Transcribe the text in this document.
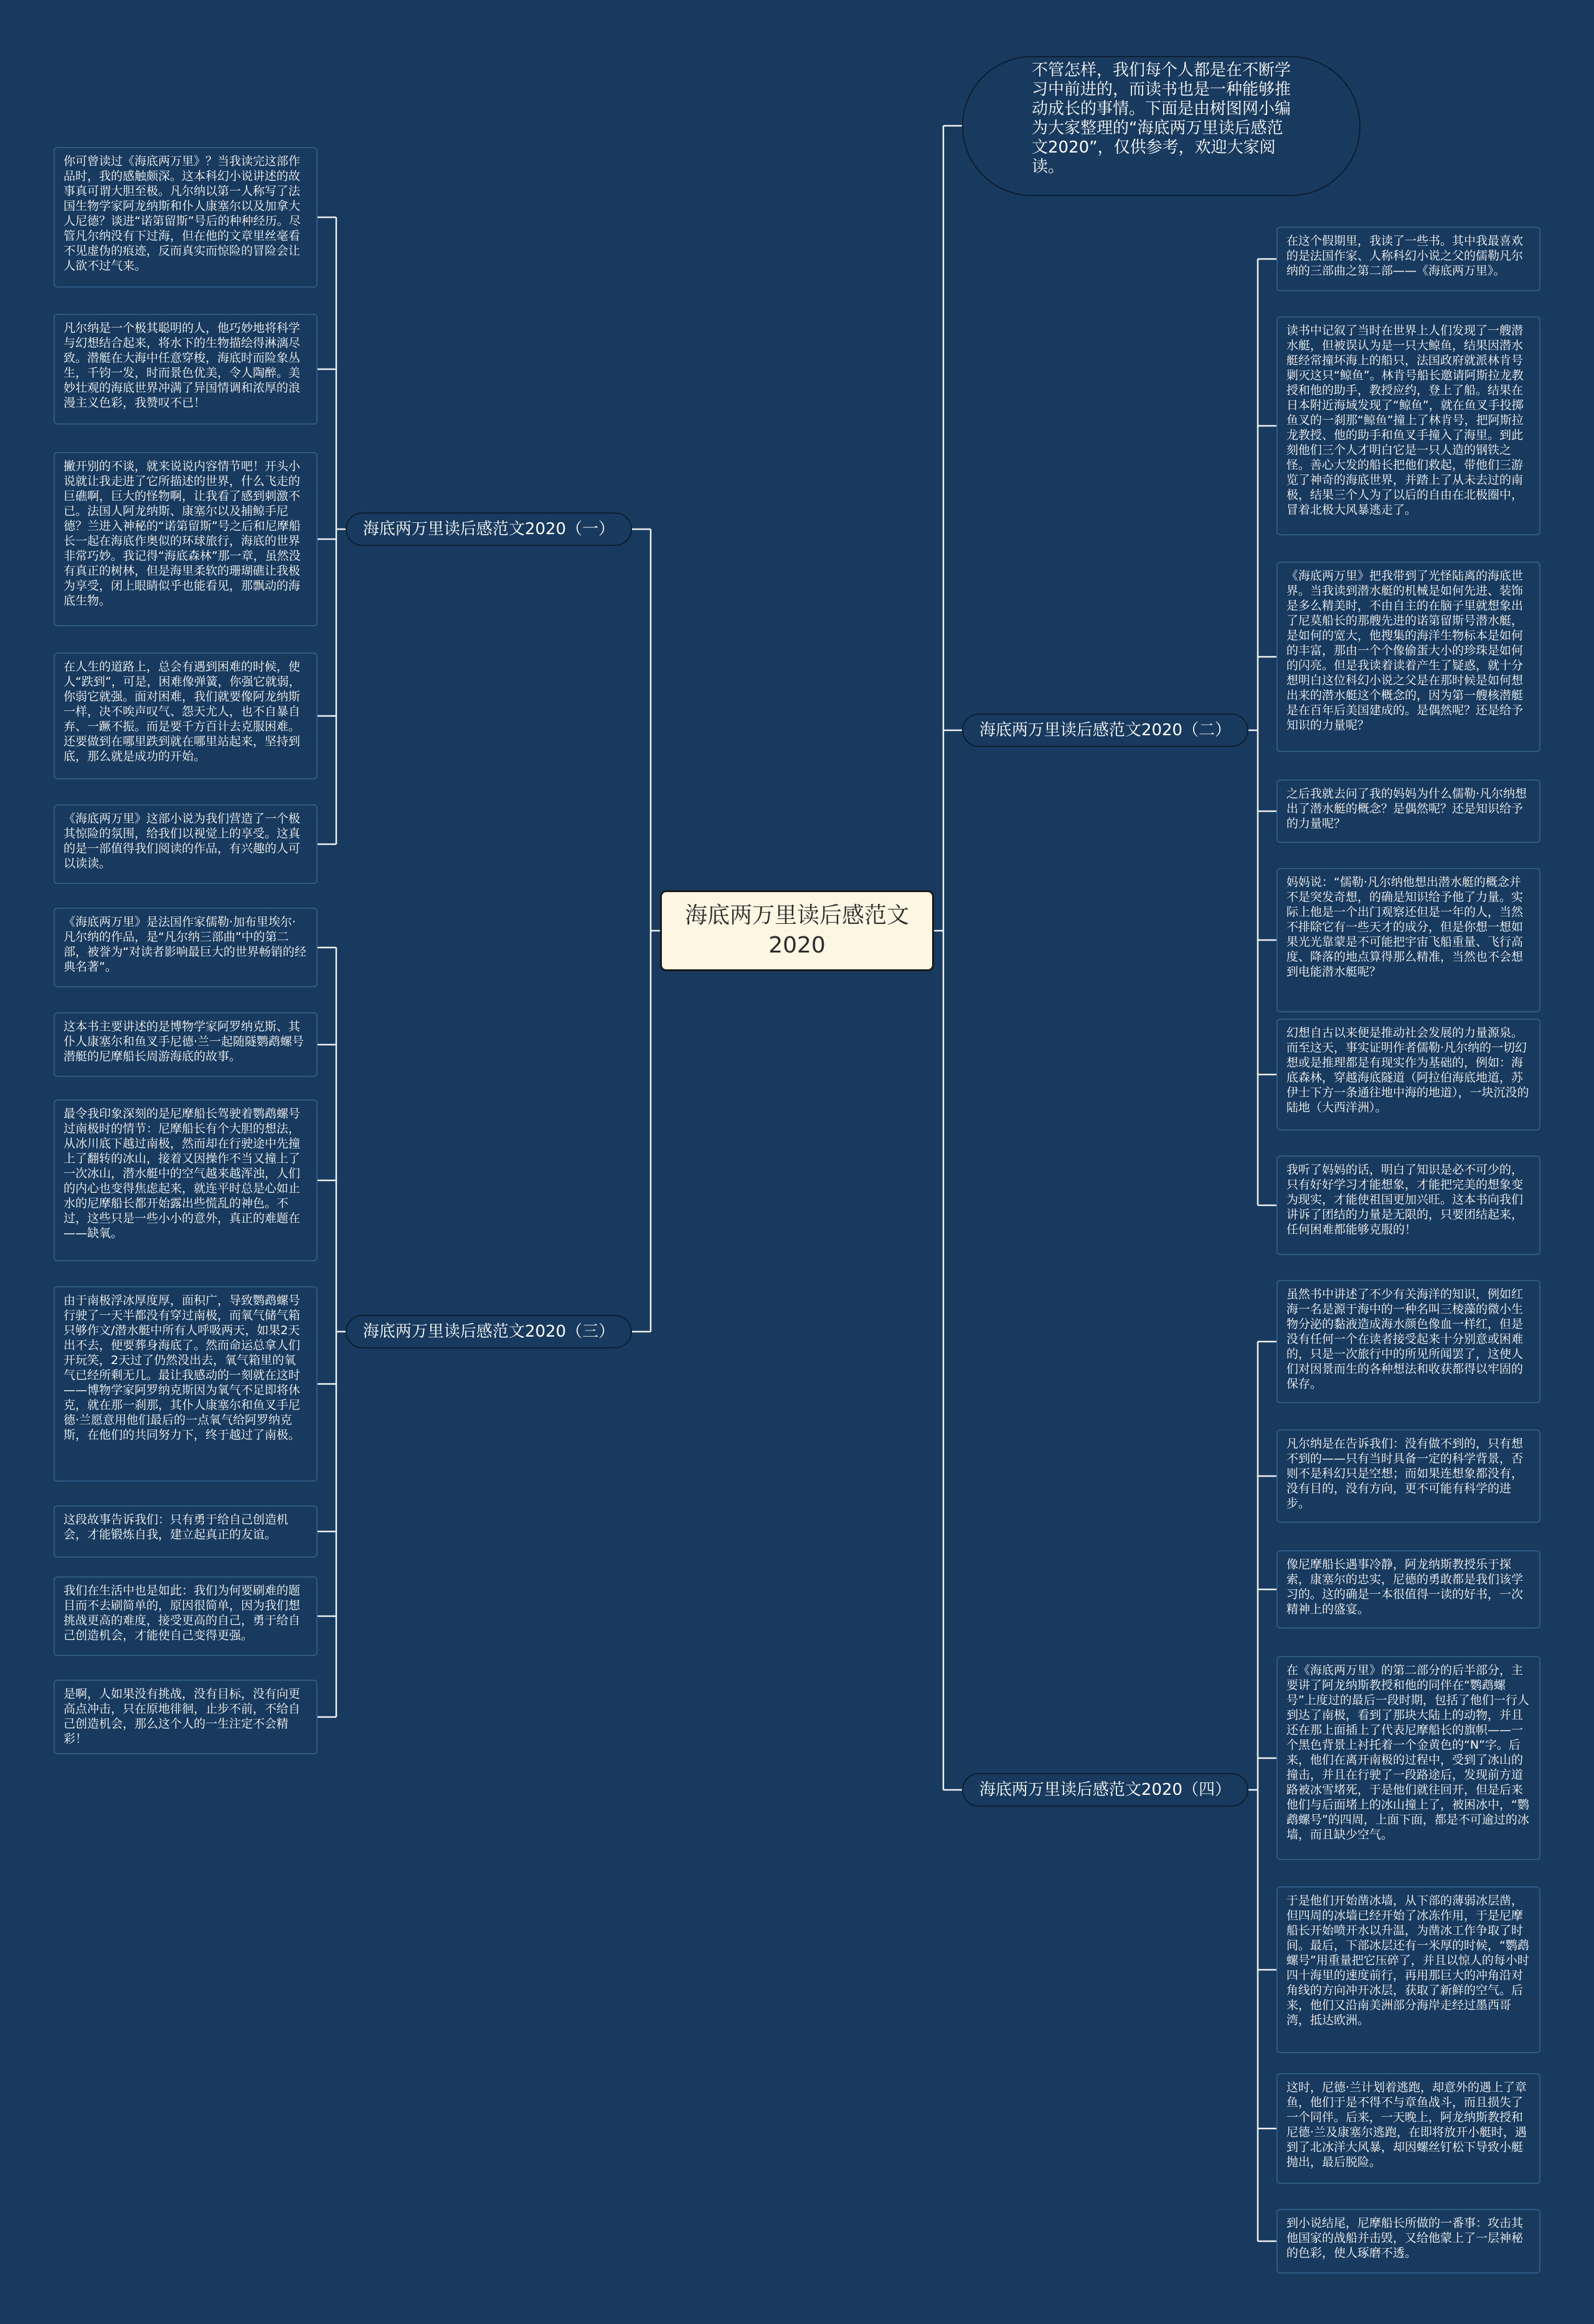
海底两万里读后感范文2020
不管怎样，我们每个人都是在不断学习中前进的，而读书也是一种能够推动成长的事情。下面是由树图网小编为大家整理的“海底两万里读后感范文2020”，仅供参考，欢迎大家阅读。
海底两万里读后感范文2020（一）
海底两万里读后感范文2020（二）
海底两万里读后感范文2020（三）
海底两万里读后感范文2020（四）
你可曾读过《海底两万里》？当我读完这部作品时，我的感触颇深。这本科幻小说讲述的故事真可谓大胆至极。凡尔纳以第一人称写了法国生物学家阿龙纳斯和仆人康塞尔以及加拿大人尼德？谈进“诺第留斯”号后的种种经历。尽管凡尔纳没有下过海，但在他的文章里丝毫看不见虚伪的痕迹，反而真实而惊险的冒险会让人欲不过气来。
凡尔纳是一个极其聪明的人，他巧妙地将科学与幻想结合起来，将水下的生物描绘得淋漓尽致。潜艇在大海中任意穿梭，海底时而险象丛生，千钧一发，时而景色优美，令人陶醉。美妙壮观的海底世界冲满了异国情调和浓厚的浪漫主义色彩，我赞叹不已！
撇开别的不谈，就来说说内容情节吧！开头小说就让我走进了它所描述的世界，什么飞走的巨礁啊，巨大的怪物啊，让我看了感到刺激不已。法国人阿龙纳斯、康塞尔以及捕鲸手尼德？兰进入神秘的“诺第留斯”号之后和尼摩船长一起在海底作奥似的环球旅行，海底的世界非常巧妙。我记得“海底森林”那一章，虽然没有真正的树林，但是海里柔软的珊瑚礁让我极为享受，闭上眼睛似乎也能看见，那飘动的海底生物。
在人生的道路上，总会有遇到困难的时候，使人“跌到”，可是，困难像弹簧，你强它就弱，你弱它就强。面对困难，我们就要像阿龙纳斯一样，决不唉声叹气、怨天尤人，也不自暴自弃、一蹶不振。而是要千方百计去克服困难。还要做到在哪里跌到就在哪里站起来，坚持到底，那么就是成功的开始。
《海底两万里》这部小说为我们营造了一个极其惊险的氛围，给我们以视觉上的享受。这真的是一部值得我们阅读的作品，有兴趣的人可以读读。
在这个假期里，我读了一些书。其中我最喜欢的是法国作家、人称科幻小说之父的儒勒凡尔纳的三部曲之第二部——《海底两万里》。
读书中记叙了当时在世界上人们发现了一艘潜水艇，但被误认为是一只大鲸鱼，结果因潜水艇经常撞坏海上的船只，法国政府就派林肯号剿灭这只“鲸鱼”。林肯号船长邀请阿斯拉龙教授和他的助手，教授应约，登上了船。结果在日本附近海域发现了“鲸鱼”，就在鱼叉手投掷鱼叉的一刹那“鲸鱼”撞上了林肯号，把阿斯拉龙教授、他的助手和鱼叉手撞入了海里。到此刻他们三个人才明白它是一只人造的钢铁之怪。善心大发的船长把他们救起，带他们三游览了神奇的海底世界，并踏上了从未去过的南极，结果三个人为了以后的自由在北极圈中，冒着北极大风暴逃走了。
《海底两万里》把我带到了光怪陆离的海底世界。当我读到潜水艇的机械是如何先进、装饰是多么精美时，不由自主的在脑子里就想象出了尼莫船长的那艘先进的诺第留斯号潜水艇，是如何的宽大，他搜集的海洋生物标本是如何的丰富，那由一个个像偷蛋大小的珍珠是如何的闪亮。但是我读着读着产生了疑惑，就十分想明白这位科幻小说之父是在那时候是如何想出来的潜水艇这个概念的，因为第一艘核潜艇是在百年后美国建成的。是偶然呢？还是给予知识的力量呢？
之后我就去问了我的妈妈为什么儒勒·凡尔纳想出了潜水艇的概念？是偶然呢？还是知识给予的力量呢？
妈妈说：“儒勒·凡尔纳他想出潜水艇的概念并不是突发奇想，的确是知识给予他了力量。实际上他是一个出门观察还但是一年的人，当然不排除它有一些天才的成分，但是你想一想如果光光靠蒙是不可能把宇宙飞船重量、飞行高度、降落的地点算得那么精准，当然也不会想到电能潜水艇呢？
幻想自古以来便是推动社会发展的力量源泉。而至这天，事实证明作者儒勒·凡尔纳的一切幻想或是推理都是有现实作为基础的，例如：海底森林，穿越海底隧道（阿拉伯海底地道，苏伊士下方一条通往地中海的地道），一块沉没的陆地（大西洋洲）。
我听了妈妈的话，明白了知识是必不可少的，只有好好学习才能想象，才能把完美的想象变为现实，才能使祖国更加兴旺。这本书向我们讲诉了团结的力量是无限的，只要团结起来，任何困难都能够克服的！
《海底两万里》是法国作家儒勒·加布里埃尔·凡尔纳的作品，是“凡尔纳三部曲”中的第二部，被誉为“对读者影响最巨大的世界畅销的经典名著”。
这本书主要讲述的是博物学家阿罗纳克斯、其仆人康塞尔和鱼叉手尼德·兰一起随隧鹦鹉螺号潜艇的尼摩船长周游海底的故事。
最令我印象深刻的是尼摩船长驾驶着鹦鹉螺号过南极时的情节：尼摩船长有个大胆的想法，从冰川底下越过南极，然而却在行驶途中先撞上了翻转的冰山，接着又因操作不当又撞上了一次冰山，潜水艇中的空气越来越浑浊，人们的内心也变得焦虑起来，就连平时总是心如止水的尼摩船长都开始露出些慌乱的神色。不过，这些只是一些小小的意外，真正的难题在——缺氧。
由于南极浮冰厚度厚，面积广，导致鹦鹉螺号行驶了一天半都没有穿过南极，而氧气储气箱只够作文/潜水艇中所有人呼吸两天，如果2天出不去，便要葬身海底了。然而命运总拿人们开玩笑，2天过了仍然没出去，氧气箱里的氧气已经所剩无几。最让我感动的一刻就在这时——博物学家阿罗纳克斯因为氧气不足即将休克，就在那一刹那，其仆人康塞尔和鱼叉手尼德·兰愿意用他们最后的一点氧气给阿罗纳克斯，在他们的共同努力下，终于越过了南极。
这段故事告诉我们：只有勇于给自己创造机会，才能锻炼自我，建立起真正的友谊。
我们在生活中也是如此：我们为何要刷难的题目而不去刷简单的，原因很简单，因为我们想挑战更高的难度，接受更高的自己，勇于给自己创造机会，才能使自己变得更强。
是啊，人如果没有挑战，没有目标，没有向更高点冲击，只在原地徘徊，止步不前，不给自己创造机会，那么这个人的一生注定不会精彩！
虽然书中讲述了不少有关海洋的知识，例如红海一名是源于海中的一种名叫三棱藻的微小生物分泌的黏液造成海水颜色像血一样红，但是没有任何一个在读者接受起来十分别意或困难的，只是一次旅行中的所见所闻罢了，这使人们对因景而生的各种想法和收获都得以牢固的保存。
凡尔纳是在告诉我们：没有做不到的，只有想不到的——只有当时具备一定的科学背景，否则不是科幻只是空想；而如果连想象都没有，没有目的，没有方向，更不可能有科学的进步。
像尼摩船长遇事冷静，阿龙纳斯教授乐于探索，康塞尔的忠实，尼德的勇敢都是我们该学习的。这的确是一本很值得一读的好书，一次精神上的盛宴。
在《海底两万里》的第二部分的后半部分，主要讲了阿龙纳斯教授和他的同伴在“鹦鹉螺号”上度过的最后一段时期，包括了他们一行人到达了南极，看到了那块大陆上的动物，并且还在那上面插上了代表尼摩船长的旗帜——一个黑色背景上衬托着一个金黄色的“N”字。后来，他们在离开南极的过程中，受到了冰山的撞击，并且在行驶了一段路途后，发现前方道路被冰雪堵死，于是他们就往回开，但是后来他们与后面堵上的冰山撞上了，被困冰中，“鹦鹉螺号”的四周，上面下面，都是不可逾过的冰墙，而且缺少空气。
于是他们开始凿冰墙，从下部的薄弱冰层凿，但四周的冰墙已经开始了冰冻作用，于是尼摩船长开始喷开水以升温，为凿冰工作争取了时间。最后，下部冰层还有一米厚的时候，“鹦鹉螺号”用重量把它压碎了，并且以惊人的每小时四十海里的速度前行，再用那巨大的冲角沿对角线的方向冲开冰层，获取了新鲜的空气。后来，他们又沿南美洲部分海岸走经过墨西哥湾，抵达欧洲。
这时，尼德·兰计划着逃跑，却意外的遇上了章鱼，他们于是不得不与章鱼战斗，而且损失了一个同伴。后来，一天晚上，阿龙纳斯教授和尼德·兰及康塞尔逃跑，在即将放开小艇时，遇到了北冰洋大风暴，却因螺丝钉松下导致小艇抛出，最后脱险。
到小说结尾，尼摩船长所做的一番事：攻击其他国家的战船并击毁，又给他蒙上了一层神秘的色彩，使人琢磨不透。
